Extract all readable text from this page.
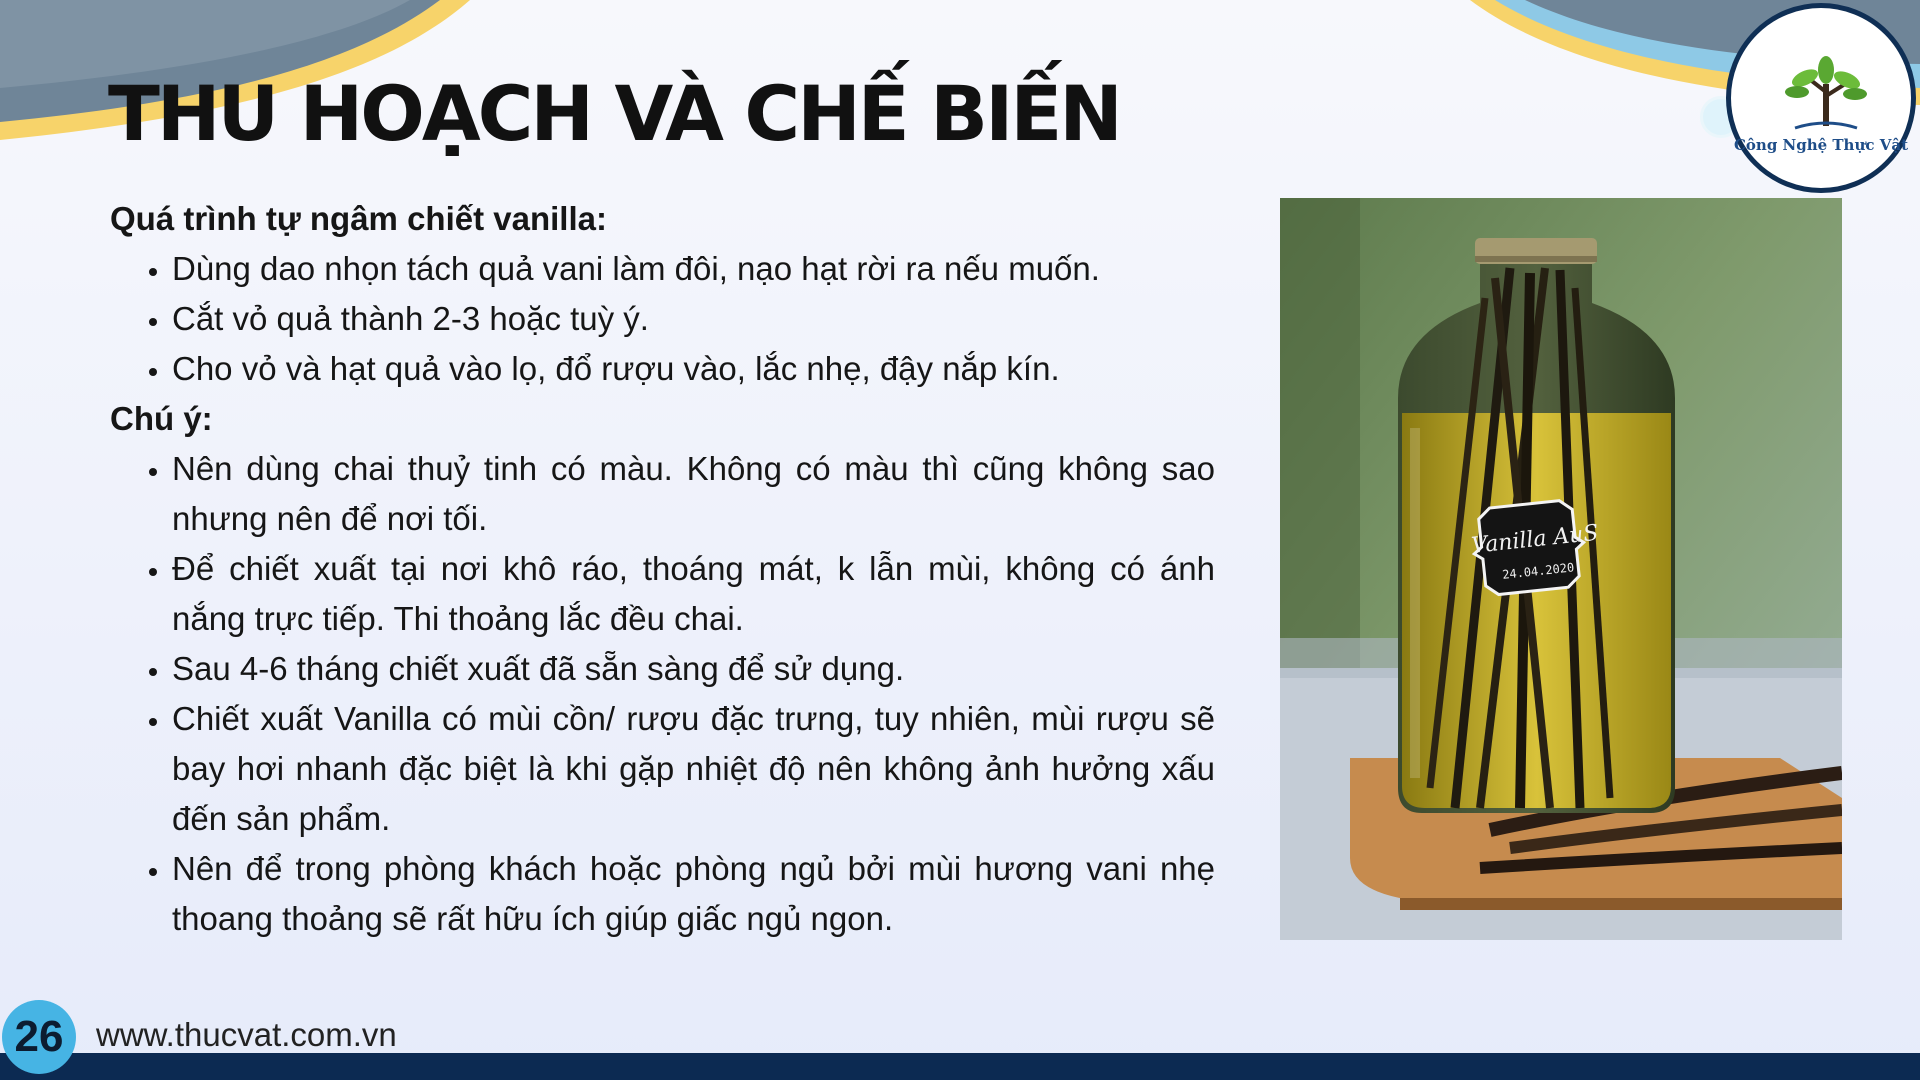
THU HOẠCH VÀ CHẾ BIẾN	Công Nghệ Thực Vật
Quá trình tự ngâm chiết vanilla:
• Dùng dao nhọn tách quả vani làm đôi, nạo hạt rời ra nếu muốn.
• Cắt vỏ quả thành 2-3 hoặc tuỳ ý.
• Cho vỏ và hạt quả vào lọ, đổ rượu vào, lắc nhẹ, đậy nắp kín.
Chú ý:
• Nên dùng chai thuỷ tinh có màu. Không có màu thì cũng không sao nhưng nên để nơi tối.
• Để chiết xuất tại nơi khô ráo, thoáng mát, k lẫn mùi, không có ánh nắng trực tiếp. Thi thoảng lắc đều chai.
• Sau 4-6 tháng chiết xuất đã sẵn sàng để sử dụng.
• Chiết xuất Vanilla có mùi cồn/ rượu đặc trưng, tuy nhiên, mùi rượu sẽ bay hơi nhanh đặc biệt là khi gặp nhiệt độ nên không ảnh hưởng xấu đến sản phẩm.
• Nên để trong phòng khách hoặc phòng ngủ bởi mùi hương vani nhẹ thoang thoảng sẽ rất hữu ích giúp giấc ngủ ngon.
Vanilla AuS
24.04.2020
26 www.thucvat.com.vn
